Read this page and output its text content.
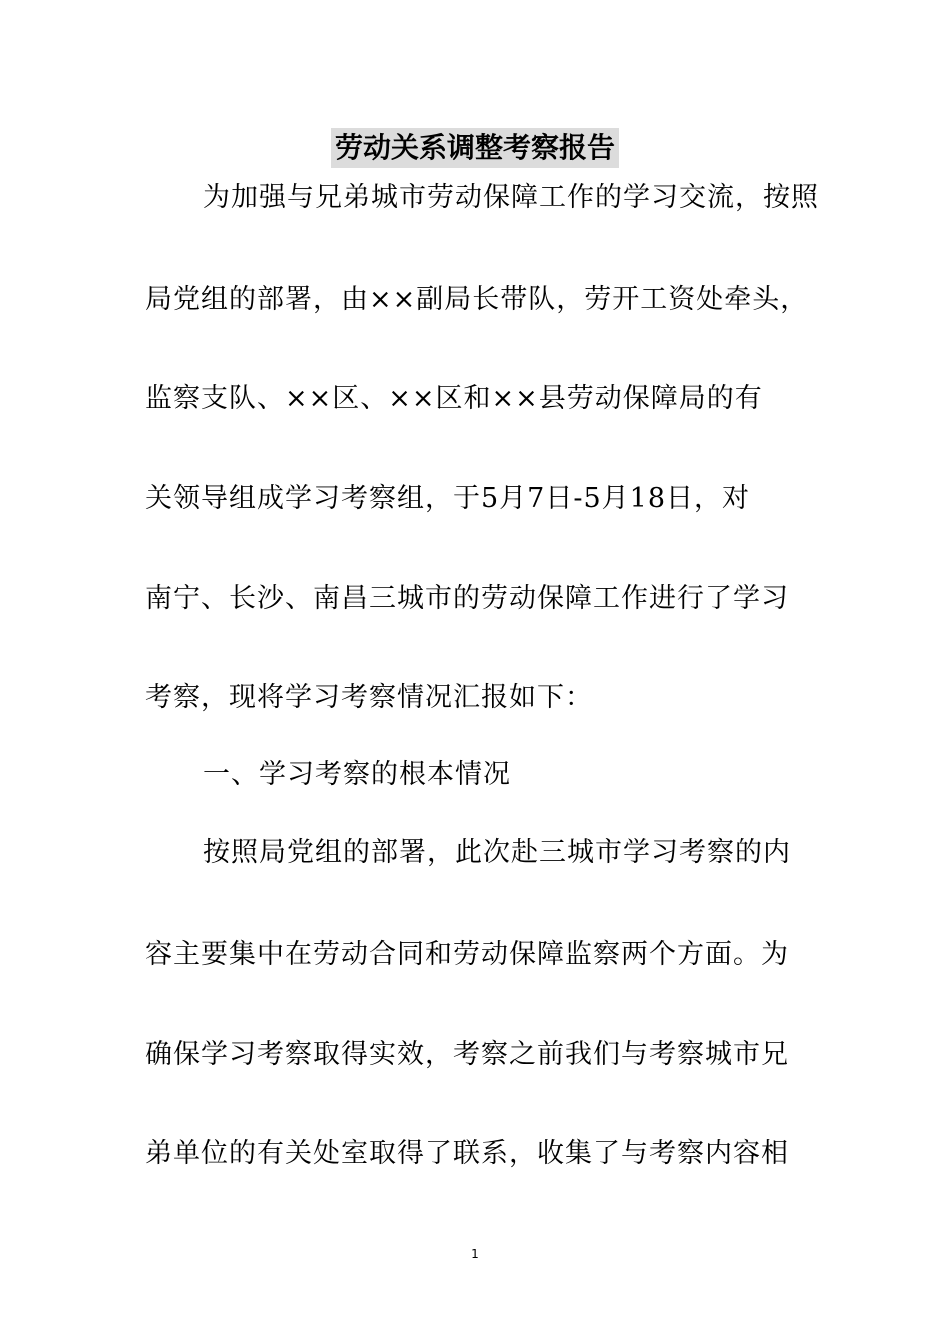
劳动关系调整考察报告
为加强与兄弟城市劳动保障工作的学习交流，按照
局党组的部署，由××副局长带队，劳开工资处牵头，
监察支队、××区、××区和××县劳动保障局的有
关领导组成学习考察组，于5月7日-5月18日，对
南宁、长沙、南昌三城市的劳动保障工作进行了学习
考察，现将学习考察情况汇报如下：
一、学习考察的根本情况
按照局党组的部署，此次赴三城市学习考察的内
容主要集中在劳动合同和劳动保障监察两个方面。为
确保学习考察取得实效，考察之前我们与考察城市兄
弟单位的有关处室取得了联系，收集了与考察内容相
1
